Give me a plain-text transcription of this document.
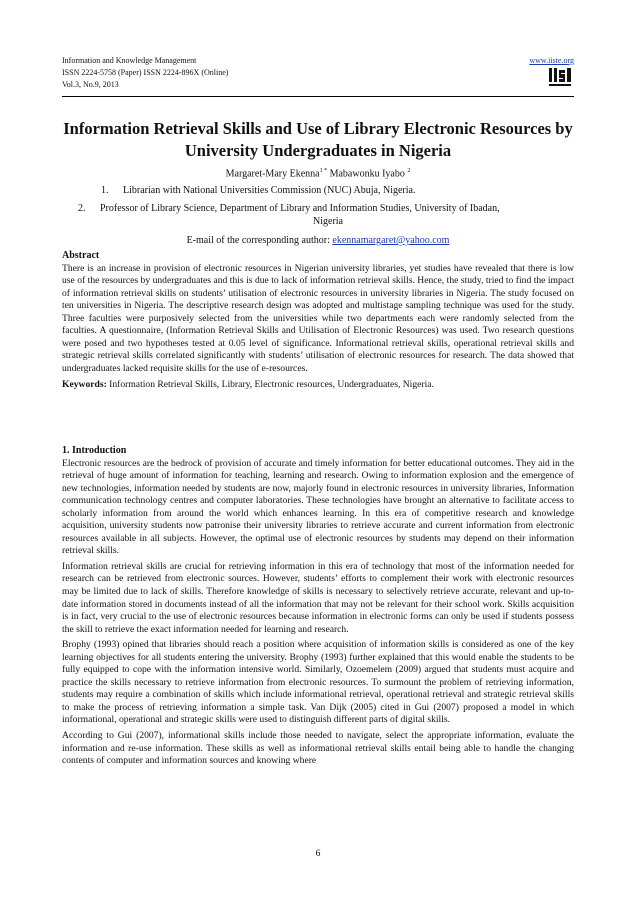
Information and Knowledge Management
ISSN 2224-5758 (Paper) ISSN 2224-896X (Online)
Vol.3, No.9, 2013
www.iiste.org
Information Retrieval Skills and Use of Library Electronic Resources by University Undergraduates in Nigeria
Margaret-Mary Ekenna$^{1 *}$ Mabawonku Iyabo $^2$
1. Librarian with National Universities Commission (NUC) Abuja, Nigeria.
2. Professor of Library Science, Department of Library and Information Studies, University of Ibadan,
Nigeria
E-mail of the corresponding author: ekennamargaret@yahoo.com

Abstract

There is an increase in provision of electronic resources in Nigerian university libraries, yet studies have revealed that there is low use of the resources by undergraduates and this is due to lack of information retrieval skills. Hence, the study, tried to find the impact of information retrieval skills on students’ utilisation of electronic resources in university libraries in Nigeria. The study focused on ten universities in Nigeria. The descriptive research design was adopted and multistage sampling technique was used for the study. Three faculties were purposively selected from the universities while two departments each were randomly selected from the faculties. A questionnaire, (Information Retrieval Skills and Utilisation of Electronic Resources) was used. Two research questions were posed and two hypotheses tested at 0.05 level of significance. Informational retrieval skills, operational retrieval skills and strategic retrieval skills correlated significantly with students’ utilisation of electronic resources for research. The data showed that undergraduates lacked requisite skills for the use of e-resources.

Keywords: Information Retrieval Skills, Library, Electronic resources, Undergraduates, Nigeria.

1. Introduction

Electronic resources are the bedrock of provision of accurate and timely information for better educational outcomes. They aid in the retrieval of huge amount of information for teaching, learning and research. Owing to information explosion and the emergence of new technologies, information needed by students are now, majorly found in electronic resources in university libraries, Information communication technology centres and computer laboratories. These technologies have brought an alternative to facilitate access to scholarly information from around the world which enhances learning. In this era of competitive research and knowledge acquisition, university students now patronise their university libraries to retrieve accurate and current information from electronic resources available in all subjects. However, the optimal use of electronic resources by students may depend on their information retrieval skills.

Information retrieval skills are crucial for retrieving information in this era of technology that most of the information needed for research can be retrieved from electronic sources. However, students’ efforts to complement their work with electronic resources may be limited due to lack of skills. Therefore knowledge of skills is necessary to selectively retrieve accurate, relevant and up-to-date information stored in documents instead of all the information that may not be relevant for their school work. Skills acquisition is in fact, very crucial to the use of electronic resources because information in electronic forms can only be used if students possess the skill to retrieve the exact information needed for learning and research.

Brophy (1993) opined that libraries should reach a position where acquisition of information skills is considered as one of the key learning objectives for all students entering the university. Brophy (1993) further explained that this would enable the students to be fully equipped to cope with the information intensive world. Similarly, Ozoemelem (2009) argued that students must acquire and practice the skills necessary to retrieve information from electronic resources. To surmount the problem of retrieving information, students may require a combination of skills which include informational retrieval, operational retrieval and strategic retrieval skills to make the process of retrieving information a simple task. Van Dijk (2005) cited in Gui (2007) proposed a model in which informational, operational and strategic skills were used to distinguish different parts of digital skills.

According to Gui (2007), informational skills include those needed to navigate, select the appropriate information, evaluate the information and re-use information. These skills as well as informational retrieval skills entail being able to handle the changing contents of computer and information sources and knowing where

6
